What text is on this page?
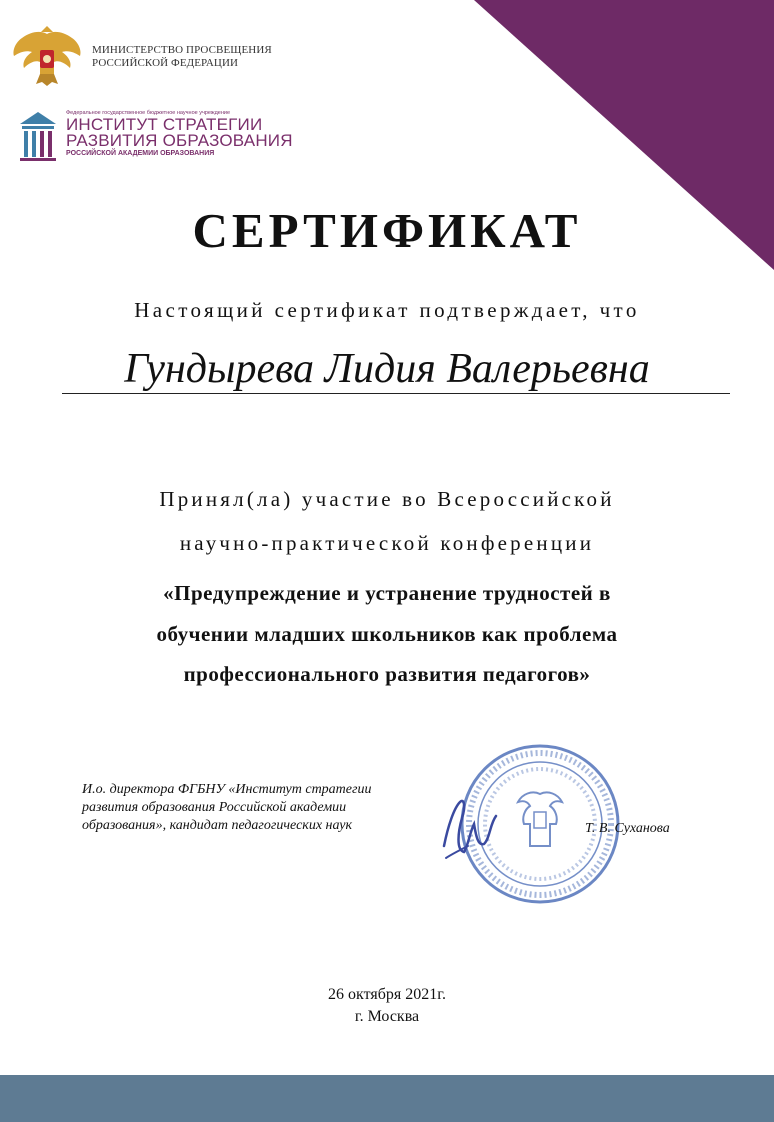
МИНИСТЕРСТВО ПРОСВЕЩЕНИЯ
РОССИЙСКОЙ ФЕДЕРАЦИИ
Федеральное государственное бюджетное научное учреждение
ИНСТИТУТ СТРАТЕГИИ
РАЗВИТИЯ ОБРАЗОВАНИЯ
РОССИЙСКОЙ АКАДЕМИИ ОБРАЗОВАНИЯ
СЕРТИФИКАТ
Настоящий сертификат подтверждает, что
Гундырева Лидия Валерьевна
Принял(ла) участие во Всероссийской
научно-практической конференции
«Предупреждение и устранение трудностей в
обучении младших школьников как проблема
профессионального развития педагогов»
И.о. директора ФГБНУ «Институт стратегии
развития образования Российской академии
образования», кандидат педагогических наук	Т. В. Суханова
26 октября 2021г.
г. Москва
